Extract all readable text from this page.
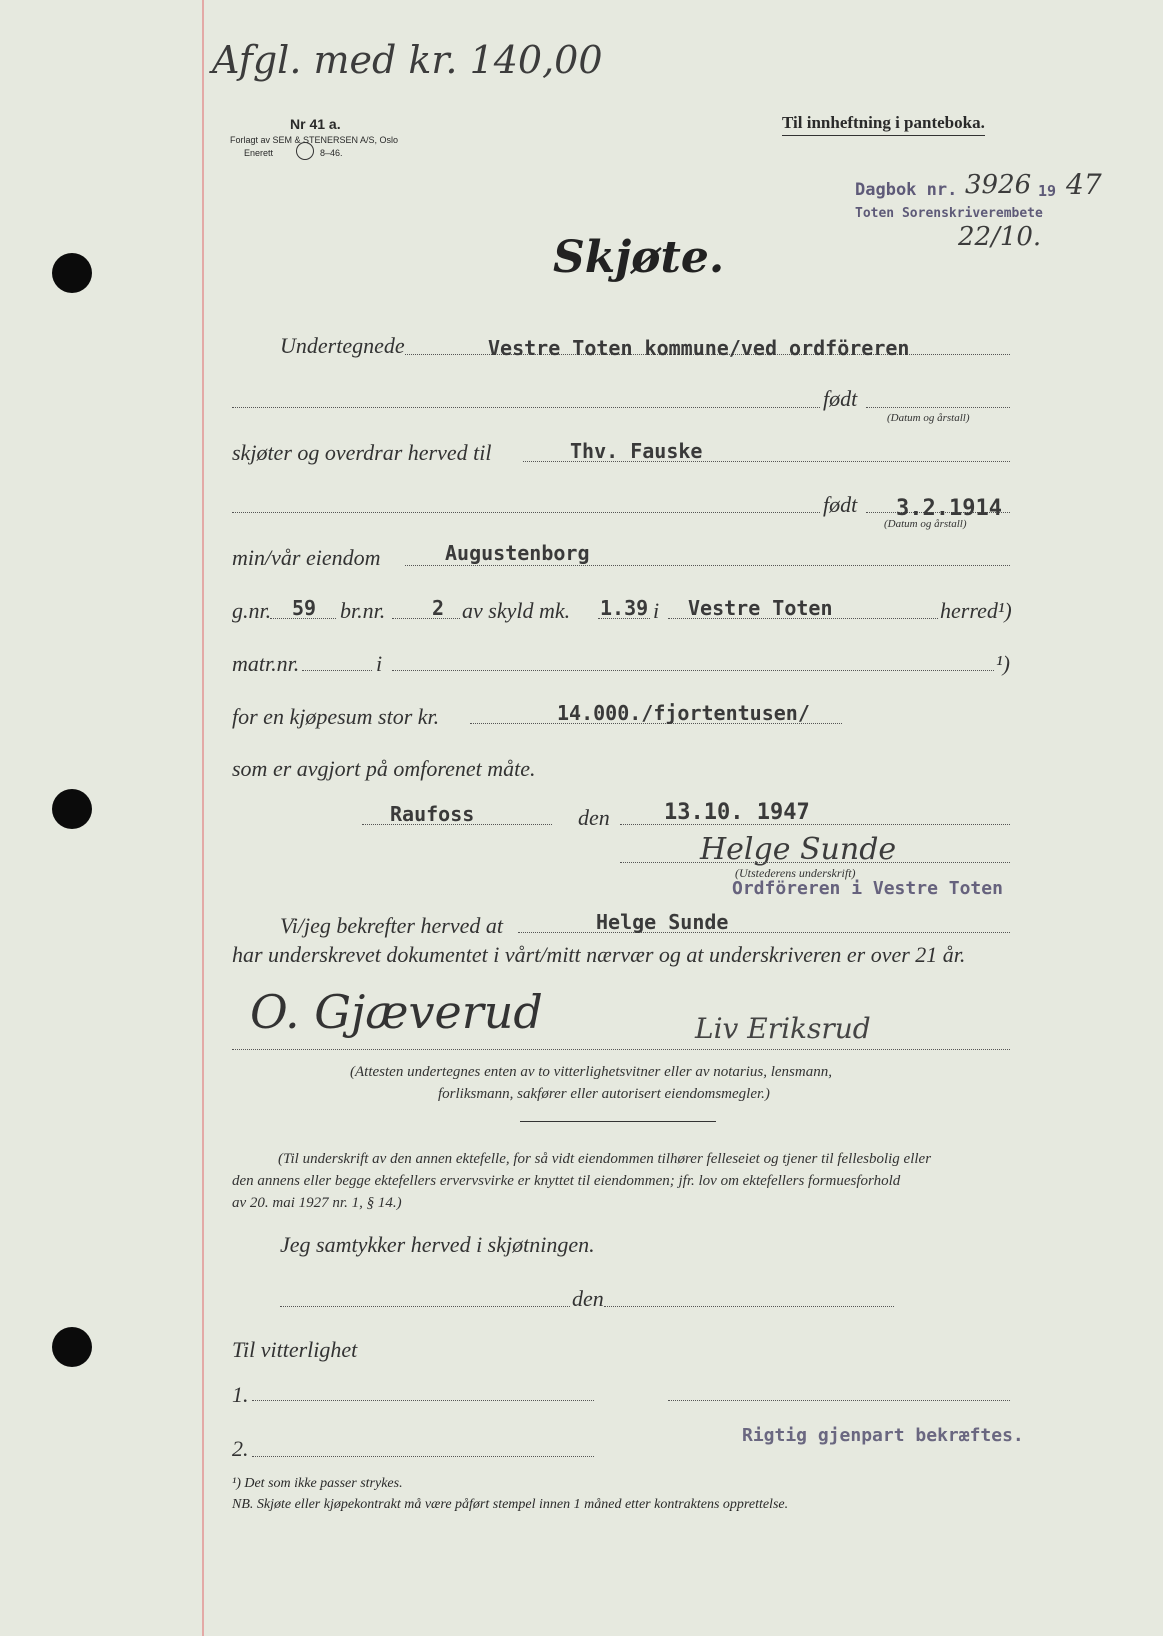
Afgl. med kr. 140,00
Nr 41 a.
Forlagt av SEM & STENERSEN A/S, Oslo
Enerett	8–46.
Til innheftning i panteboka.
Dagbok nr. 3926 19 47
Toten Sorenskriverembete
22/10.
Skjøte.
Undertegnede	Vestre Toten kommune/ved ordföreren
født
(Datum og årstall)
skjøter og overdrar herved til	Thv. Fauske
født 3.2.1914
(Datum og årstall)
min/vår eiendom	Augustenborg
g.nr. 59 br.nr. 2 av skyld mk. 1.39 i Vestre Toten	herred¹)
matr.nr.	i	¹)
for en kjøpesum stor kr.	14.000./fjortentusen/
som er avgjort på omforenet måte.
Raufoss	den 13.10. 1947
Helge Sunde
(Utstederens underskrift)
Ordföreren i Vestre Toten
Vi/jeg bekrefter herved at	Helge Sunde
har underskrevet dokumentet i vårt/mitt nærvær og at underskriveren er over 21 år.
O. Gjæverud	Liv Eriksrud
(Attesten undertegnes enten av to vitterlighetsvitner eller av notarius, lensmann,
forliksmann, sakfører eller autorisert eiendomsmegler.)
(Til underskrift av den annen ektefelle, for så vidt eiendommen tilhører felleseiet og tjener til fellesbolig eller
den annens eller begge ektefellers ervervsvirke er knyttet til eiendommen; jfr. lov om ektefellers formuesforhold
av 20. mai 1927 nr. 1, § 14.)
Jeg samtykker herved i skjøtningen.
den
Til vitterlighet
1.
2.
Rigtig gjenpart bekræftes.
¹) Det som ikke passer strykes.
NB. Skjøte eller kjøpekontrakt må være påført stempel innen 1 måned etter kontraktens opprettelse.
